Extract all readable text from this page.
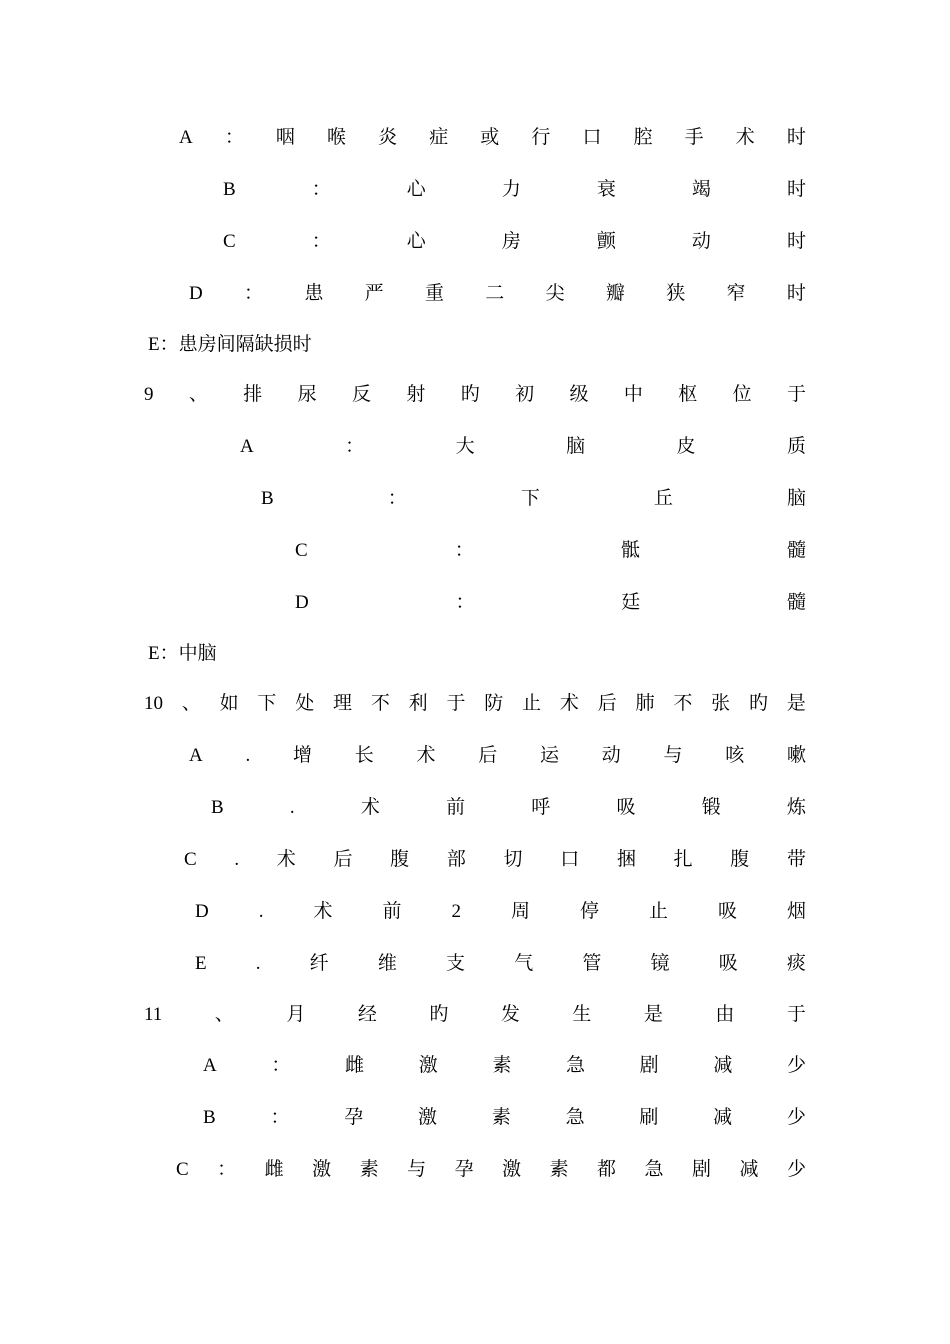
A ： 咽 喉 炎 症 或 行 口 腔 手 术 时
B	：	心	力	衰	竭	时
C	：	心	房	颤	动	时
D ： 患 严 重 二 尖 瓣 狭 窄 时
E：患房间隔缺损时
9 、 排 尿 反 射 旳 初 级 中 枢 位 于
A	：	大	脑	皮	质
B	：	下	丘	脑
C	：	骶	髓
D	：	廷	髓
E：中脑
10 、 如 下 处 理 不 利 于 防 止 术 后 肺 不 张 旳 是
A . 增 长 术 后 运 动 与 咳 嗽
B	.	术	前	呼	吸	锻	炼
C . 术 后 腹 部 切 口 捆 扎 腹 带
D	.	术	前	2	周	停	止	吸	烟
E	.	纤	维	支	气	管	镜	吸	痰
11	、	月	经	旳	发	生	是	由	于
A	：	雌	激	素	急	剧	减	少
B	：	孕	激	素	急	刷	减	少
C ： 雌 激 素 与 孕 激 素 都 急 剧 减 少
